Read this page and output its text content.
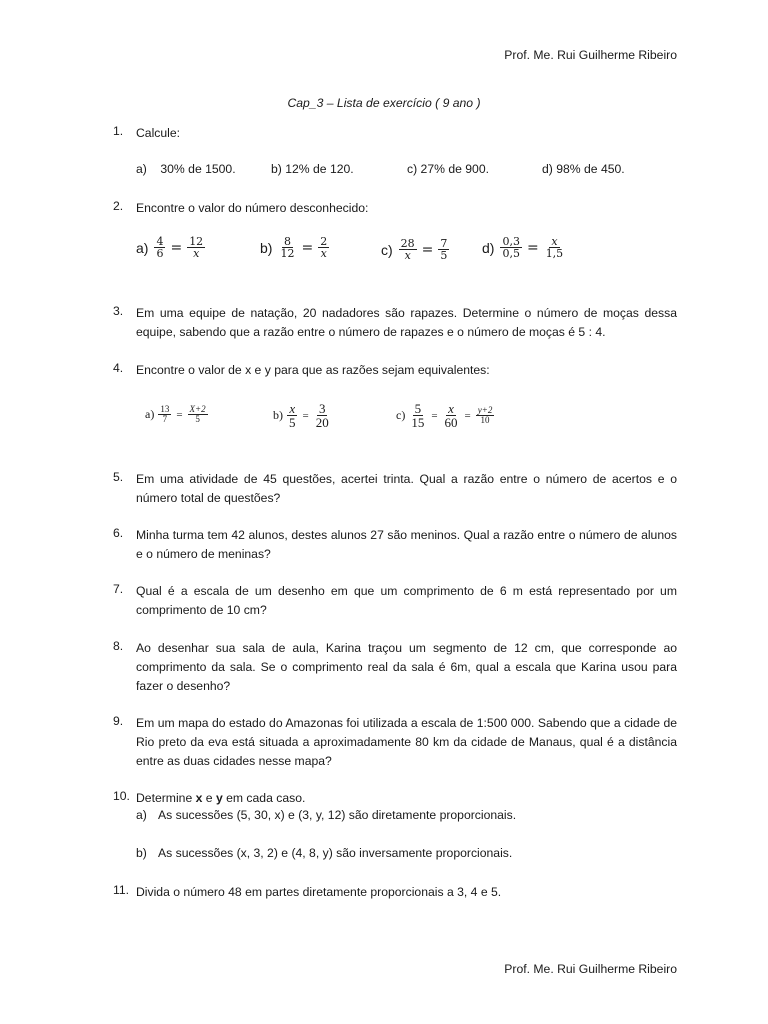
Prof. Me. Rui Guilherme Ribeiro
Cap_3 – Lista de exercício ( 9 ano )
1. Calcule:
a)    30% de 1500.	b) 12% de 120.	c) 27% de 900.	d) 98% de 450.
2. Encontre o valor do número desconhecido:
$a) \frac{4}{6} = \frac{12}{x}$	$b) \frac{8}{12} = \frac{2}{x}$	$c) \frac{28}{x} = \frac{7}{5} d) \frac{0,3}{0,5} = \frac{x}{1,5}$
3. Em uma equipe de natação, 20 nadadores são rapazes. Determine o número de moças dessa equipe, sabendo que a razão entre o número de rapazes e o número de moças é 5 : 4.
4. Encontre o valor de x e y para que as razões sejam equivalentes:
$a) \frac{13}{7} = \frac{X+2}{5}$	$b) \frac{x}{5} = \frac{3}{20}$	$c) \frac{5}{15} = \frac{x}{60} = \frac{y+2}{10}$
5. Em uma atividade de 45 questões, acertei trinta. Qual a razão entre o número de acertos e o número total de questões?
6. Minha turma tem 42 alunos, destes alunos 27 são meninos. Qual a razão entre o número de alunos e o número de meninas?
7. Qual é a escala de um desenho em que um comprimento de 6 m está representado por um comprimento de 10 cm?
8. Ao desenhar sua sala de aula, Karina traçou um segmento de 12 cm, que corresponde ao comprimento da sala. Se o comprimento real da sala é 6m, qual a escala que Karina usou para fazer o desenho?
9. Em um mapa do estado do Amazonas foi utilizada a escala de 1:500 000. Sabendo que a cidade de Rio preto da eva está situada a aproximadamente 80 km da cidade de Manaus, qual é a distância entre as duas cidades nesse mapa?
10. Determine x e y em cada caso.
a) As sucessões (5, 30, x) e (3, y, 12) são diretamente proporcionais.
b) As sucessões (x, 3, 2) e (4, 8, y) são inversamente proporcionais.
11. Divida o número 48 em partes diretamente proporcionais a 3, 4 e 5.
Prof. Me. Rui Guilherme Ribeiro
